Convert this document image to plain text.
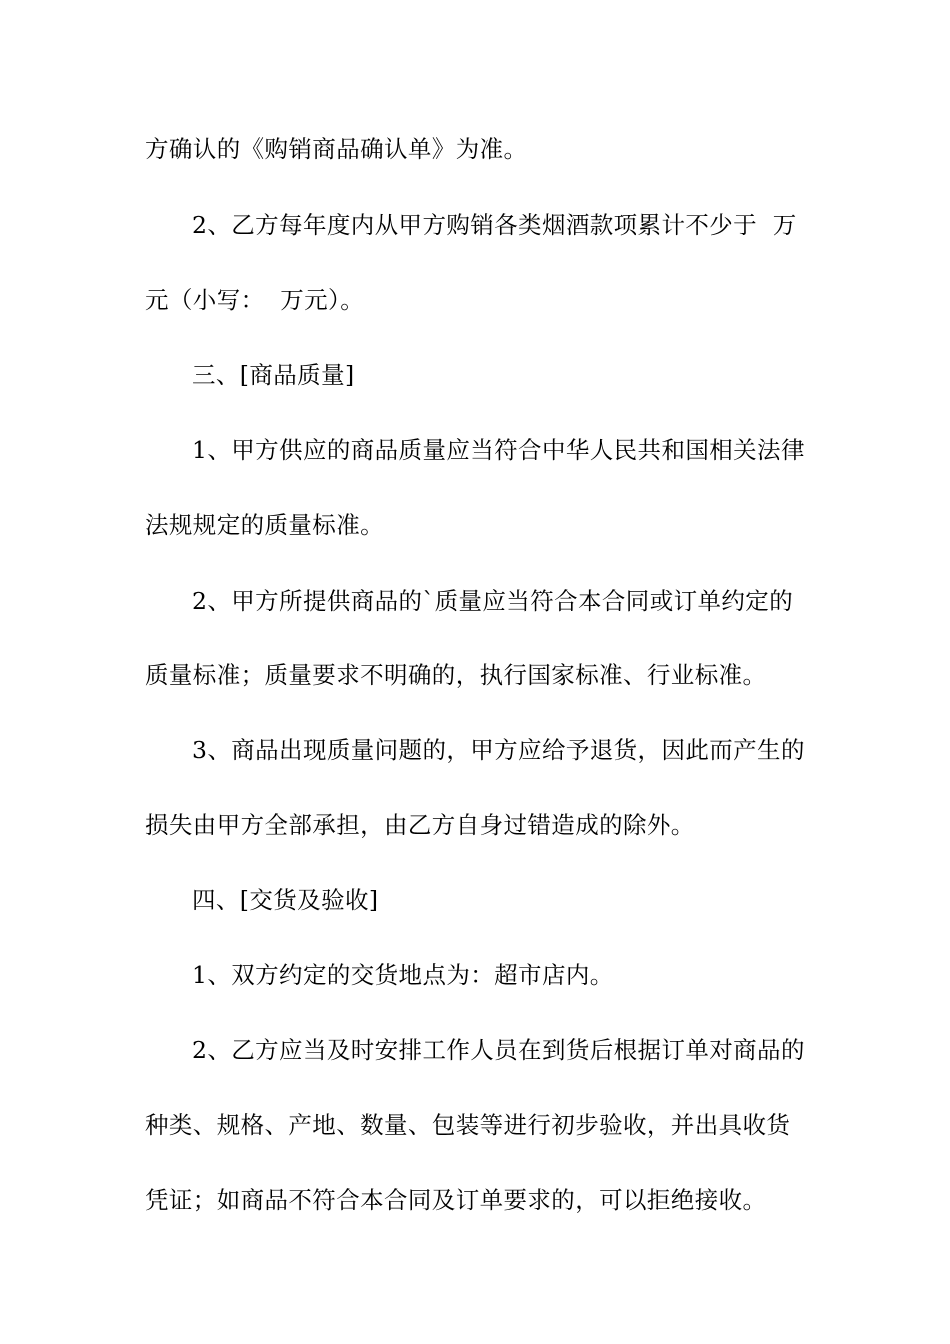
方确认的《购销商品确认单》为准。
2、乙方每年度内从甲方购销各类烟酒款项累计不少于  万
元（小写：  万元）。
三、[商品质量]
1、甲方供应的商品质量应当符合中华人民共和国相关法律
法规规定的质量标准。
2、甲方所提供商品的`质量应当符合本合同或订单约定的
质量标准；质量要求不明确的，执行国家标准、行业标准。
3、商品出现质量问题的，甲方应给予退货，因此而产生的
损失由甲方全部承担，由乙方自身过错造成的除外。
四、[交货及验收]
1、双方约定的交货地点为：超市店内。
2、乙方应当及时安排工作人员在到货后根据订单对商品的
种类、规格、产地、数量、包装等进行初步验收，并出具收货
凭证；如商品不符合本合同及订单要求的，可以拒绝接收。
